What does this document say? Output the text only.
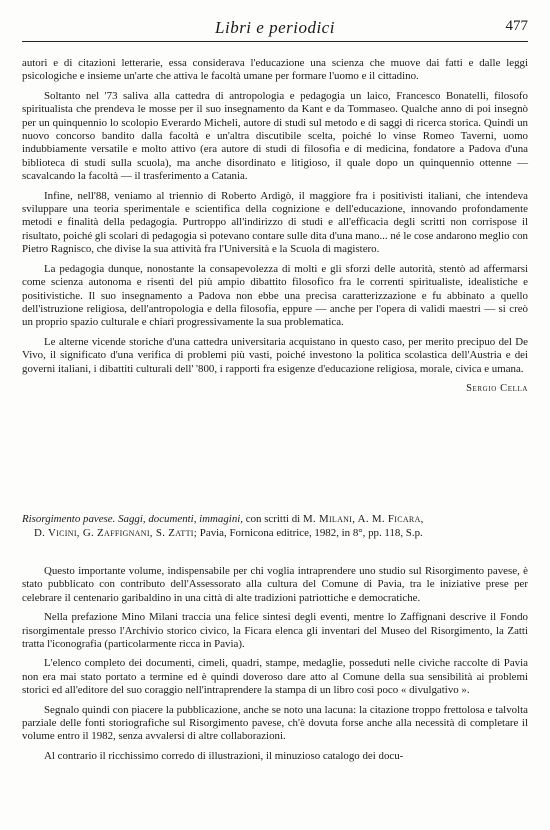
Libri e periodici	477

autori e di citazioni letterarie, essa considerava l'educazione una scienza che muove dai fatti e dalle leggi psicologiche e insieme un'arte che attiva le facoltà umane per formare l'uomo e il cittadino.

Soltanto nel '73 saliva alla cattedra di antropologia e pedagogia un laico, Francesco Bonatelli, filosofo spiritualista che prendeva le mosse per il suo insegnamento da Kant e da Tommaseo. Qualche anno di poi insegnò per un quinquennio lo scolopio Everardo Micheli, autore di studi sul metodo e di saggi di ricerca storica. Quindi un nuovo concorso bandito dalla facoltà e un'altra discutibile scelta, poiché lo vinse Romeo Taverni, uomo indubbiamente versatile e molto attivo (era autore di studi di filosofia e di medicina, fondatore a Padova d'una biblioteca di studi sulla scuola), ma anche disordinato e litigioso, il quale dopo un quinquennio ottenne — scavalcando la facoltà — il trasferimento a Catania.

Infine, nell'88, veniamo al triennio di Roberto Ardigò, il maggiore fra i positivisti italiani, che intendeva sviluppare una teoria sperimentale e scientifica della cognizione e dell'educazione, innovando profondamente metodi e finalità della pedagogia. Purtroppo all'indirizzo di studi e all'efficacia degli scritti non corrispose il risultato, poiché gli scolari di pedagogia si potevano contare sulle dita d'una mano... né le cose andarono meglio con Pietro Ragnisco, che divise la sua attività fra l'Università e la Scuola di magistero.

La pedagogia dunque, nonostante la consapevolezza di molti e gli sforzi delle autorità, stentò ad affermarsi come scienza autonoma e risentì del più ampio dibattito filosofico fra le correnti spiritualiste, idealistiche e positivistiche. Il suo insegnamento a Padova non ebbe una precisa caratterizzazione e fu abbinato a quello dell'istruzione religiosa, dell'antropologia e della filosofia, eppure — anche per l'opera di validi maestri — si creò un proprio spazio culturale e chiarì progressivamente la sua problematica.

Le alterne vicende storiche d'una cattedra universitaria acquistano in questo caso, per merito precipuo del De Vivo, il significato d'una verifica di problemi più vasti, poiché investono la politica scolastica dell'Austria e dei governi italiani, i dibattiti culturali dell' '800, i rapporti fra esigenze d'educazione religiosa, morale, civica e umana.

Sergio Cella

Risorgimento pavese. Saggi, documenti, immagini, con scritti di M. Milani, A. M. Ficara,
D. Vicini, G. Zaffignani, S. Zatti; Pavia, Fornicona editrice, 1982, in 8°, pp. 118, S.p.

Questo importante volume, indispensabile per chi voglia intraprendere uno studio sul Risorgimento pavese, è stato pubblicato con contributo dell'Assessorato alla cultura del Comune di Pavia, tra le iniziative prese per celebrare il centenario garibaldino in una città di alte tradizioni patriottiche e democratiche.

Nella prefazione Mino Milani traccia una felice sintesi degli eventi, mentre lo Zaffignani descrive il Fondo risorgimentale presso l'Archivio storico civico, la Ficara elenca gli inventari del Museo del Risorgimento, la Zatti tratta l'iconografia (particolarmente ricca in Pavia).

L'elenco completo dei documenti, cimeli, quadri, stampe, medaglie, posseduti nelle civiche raccolte di Pavia non era mai stato portato a termine ed è quindi doveroso dare atto al Comune della sua sensibilità ai problemi storici ed all'editore del suo coraggio nell'intraprendere la stampa di un libro così poco « divulgativo ».

Segnalo quindi con piacere la pubblicazione, anche se noto una lacuna: la citazione troppo frettolosa e talvolta parziale delle fonti storiografiche sul Risorgimento pavese, ch'è dovuta forse anche alla necessità di completare il volume entro il 1982, senza avvalersi di altre collaborazioni.

Al contrario il ricchissimo corredo di illustrazioni, il minuzioso catalogo dei docu-
